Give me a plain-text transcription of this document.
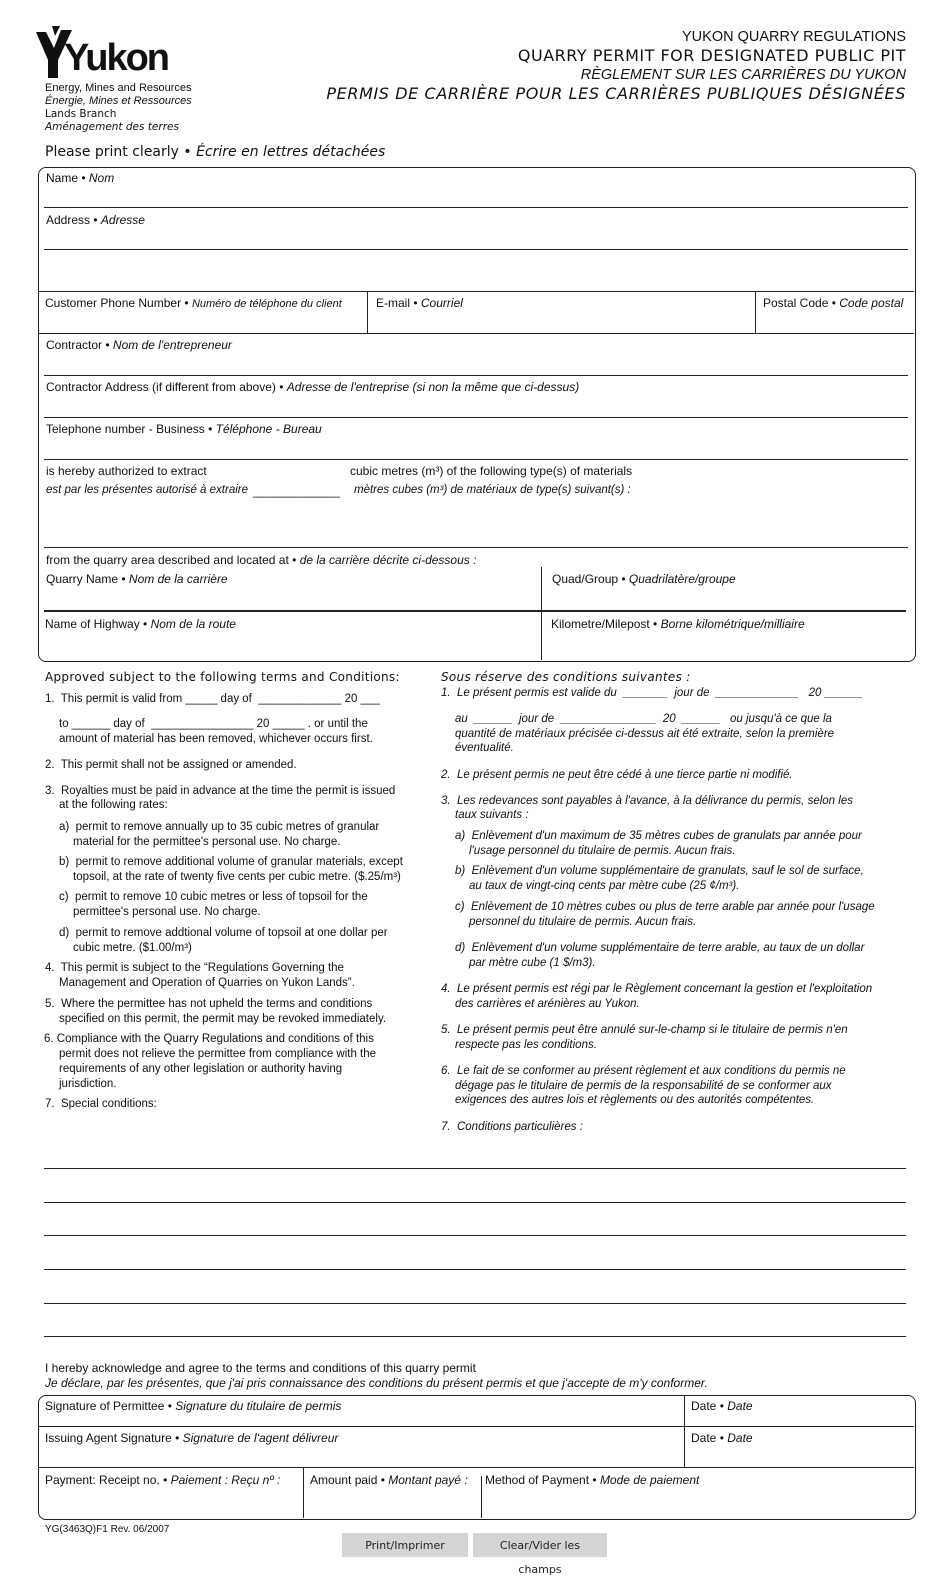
Yukon
Energy, Mines and Resources
Énergie, Mines et Ressources
Lands Branch
Aménagement des terres
YUKON QUARRY REGULATIONS
QUARRY PERMIT FOR DESIGNATED PUBLIC PIT
RÈGLEMENT SUR LES CARRIÈRES DU YUKON
PERMIS DE CARRIÈRE POUR LES CARRIÈRES PUBLIQUES DÉSIGNÉES
Please print clearly • Écrire en lettres détachées
Name • Nom
Address • Adresse
Customer Phone Number • Numéro de téléphone du client	E-mail • Courriel	Postal Code • Code postal
Contractor • Nom de l'entrepreneur
Contractor Address (if different from above) • Adresse de l'entreprise (si non la même que ci-dessus)
Telephone number - Business • Téléphone - Bureau
is hereby authorized to extract	cubic metres (m³) of the following type(s) of materials
est par les présentes autorisé à extraire _____________ mètres cubes (m³) de matériaux de type(s) suivant(s) :
from the quarry area described and located at • de la carrière décrite ci-dessous :
Quarry Name • Nom de la carrière	Quad/Group • Quadrilatère/groupe
Name of Highway • Nom de la route	Kilometre/Milepost • Borne kilométrique/milliaire
Approved subject to the following terms and Conditions:
1.  This permit is valid from _____ day of  _____________ 20 ___
to ______ day of  ________________ 20 _____ . or until the
amount of material has been removed, whichever occurs first.
2.  This permit shall not be assigned or amended.
3.  Royalties must be paid in advance at the time the permit is issued
at the following rates:
a)  permit to remove annually up to 35 cubic metres of granular
material for the permittee's personal use. No charge.
b)  permit to remove additional volume of granular materials, except
topsoil, at the rate of twenty five cents per cubic metre. ($.25/m³)
c)  permit to remove 10 cubic metres or less of topsoil for the
permittee's personal use. No charge.
d)  permit to remove addtional volume of topsoil at one dollar per
cubic metre. ($1.00/m³)
4.  This permit is subject to the “Regulations Governing the
Management and Operation of Quarries on Yukon Lands”.
5.  Where the permittee has not upheld the terms and conditions
specified on this permit, the permit may be revoked immediately.
6. Compliance with the Quarry Regulations and conditions of this
permit does not relieve the permittee from compliance with the
requirements of any other legislation or authority having
jurisdiction.
7.  Special conditions:
Sous réserve des conditions suivantes :
1.  Le présent permis est valide du  _______  jour de  _____________   20 ______
au  ______  jour de  _______________  20  ______   ou jusqu'à ce que la
quantité de matériaux précisée ci-dessus ait été extraite, selon la première
éventualité.
2.  Le présent permis ne peut être cédé à une tierce partie ni modifié.
3.  Les redevances sont payables à l'avance, à la délivrance du permis, selon les
taux suivants :
a)  Enlèvement d'un maximum de 35 mètres cubes de granulats par année pour
l'usage personnel du titulaire de permis. Aucun frais.
b)  Enlèvement d'un volume supplémentaire de granulats, sauf le sol de surface,
au taux de vingt-cinq cents par mètre cube (25 ¢/m³).
c)  Enlèvement de 10 mètres cubes ou plus de terre arable par année pour l'usage
personnel du titulaire de permis. Aucun frais.
d)  Enlèvement d'un volume supplémentaire de terre arable, au taux de un dollar
par mètre cube (1 $/m3).
4.  Le présent permis est régi par le Règlement concernant la gestion et l'exploitation
des carrières et arénières au Yukon.
5.  Le présent permis peut être annulé sur-le-champ si le titulaire de permis n'en
respecte pas les conditions.
6.  Le fait de se conformer au présent règlement et aux conditions du permis ne
dégage pas le titulaire de permis de la responsabilité de se conformer aux
exigences des autres lois et règlements ou des autorités compétentes.
7.  Conditions particulières :
I hereby acknowledge and agree to the terms and conditions of this quarry permit
Je déclare, par les présentes, que j'ai pris connaissance des conditions du présent permis et que j'accepte de m'y conformer.
Signature of Permittee • Signature du titulaire de permis	Date • Date
Issuing Agent Signature • Signature de l'agent délivreur	Date • Date
Payment: Receipt no. • Paiement : Reçu nº : Amount paid • Montant payé : Method of Payment • Mode de paiement
YG(3463Q)F1 Rev. 06/2007
Print/Imprimer	Clear/Vider les champs
